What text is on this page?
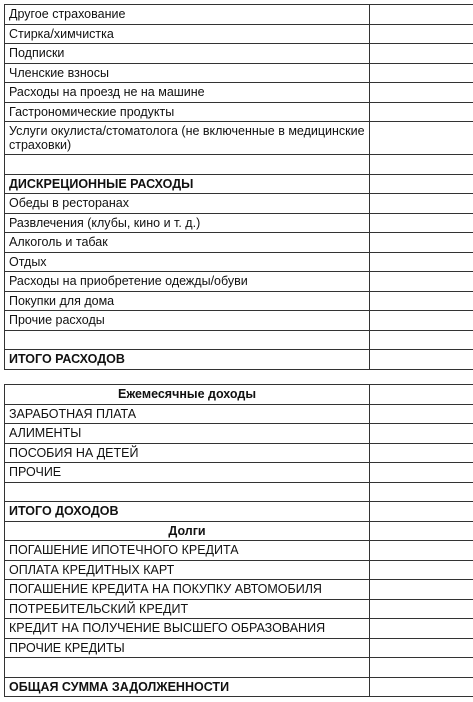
Другое страхование	
Стирка/химчистка	
Подписки	
Членские взносы	
Расходы на проезд не на машине	
Гастрономические продукты	
Услуги окулиста/стоматолога (не включенные в медицинские страховки)	

ДИСКРЕЦИОННЫЕ РАСХОДЫ	
Обеды в ресторанах	
Развлечения (клубы, кино и т. д.)	
Алкоголь и табак	
Отдых	
Расходы на приобретение одежды/обуви	
Покупки для дома	
Прочие расходы	

ИТОГО РАСХОДОВ	
Ежемесячные доходы	
ЗАРАБОТНАЯ ПЛАТА	
АЛИМЕНТЫ	
ПОСОБИЯ НА ДЕТЕЙ	
ПРОЧИЕ	

ИТОГО ДОХОДОВ	
Долги	
ПОГАШЕНИЕ ИПОТЕЧНОГО КРЕДИТА	
ОПЛАТА КРЕДИТНЫХ КАРТ	
ПОГАШЕНИЕ КРЕДИТА НА ПОКУПКУ АВТОМОБИЛЯ	
ПОТРЕБИТЕЛЬСКИЙ КРЕДИТ	
КРЕДИТ НА ПОЛУЧЕНИЕ ВЫСШЕГО ОБРАЗОВАНИЯ	
ПРОЧИЕ КРЕДИТЫ	

ОБЩАЯ СУММА ЗАДОЛЖЕННОСТИ	
